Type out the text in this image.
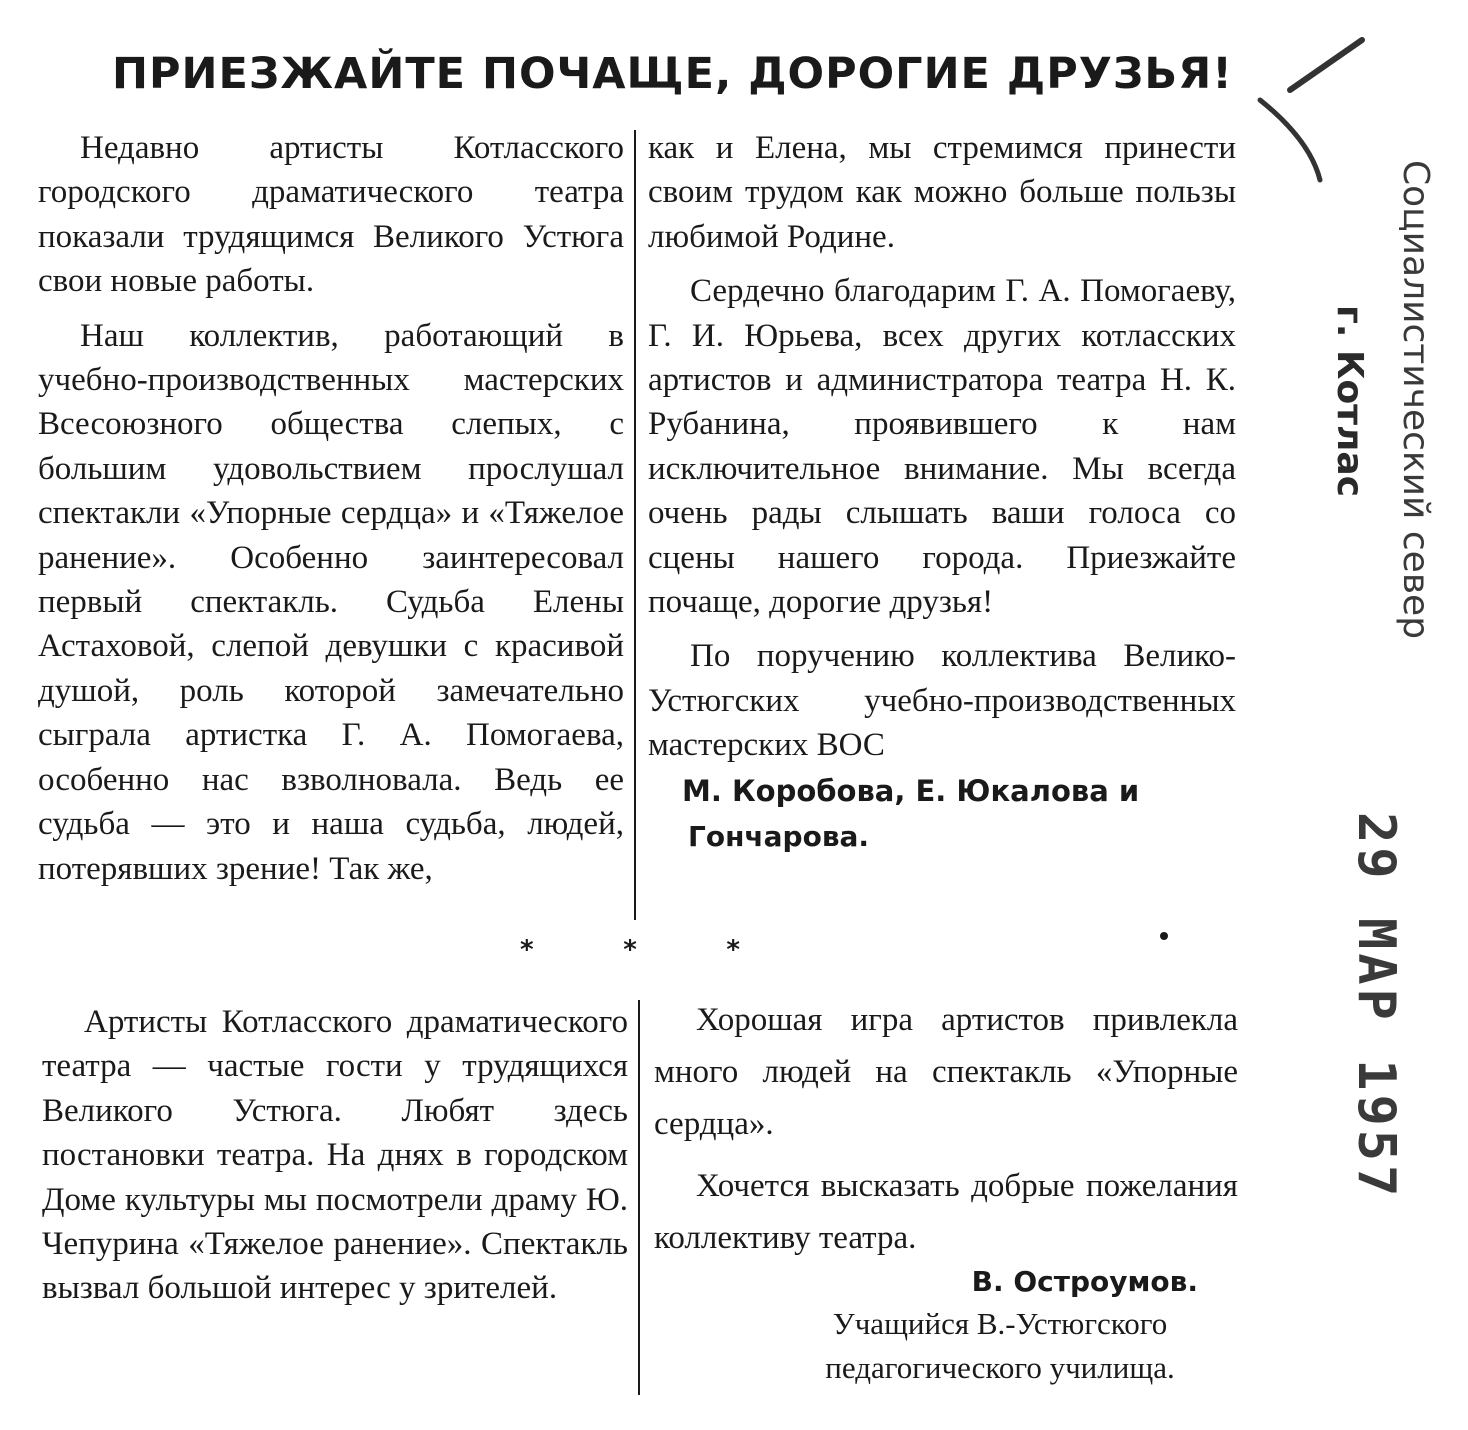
ПРИЕЗЖАЙТЕ ПОЧАЩЕ, ДОРОГИЕ ДРУЗЬЯ!

Недавно артисты Котласского городского драматического театра показали трудящимся Великого Устюга свои новые работы.

Наш коллектив, работающий в учебно-производственных мастерских Всесоюзного общества слепых, с большим удовольствием прослушал спектакли «Упорные сердца» и «Тяжелое ранение». Особенно заинтересовал первый спектакль. Судьба Елены Астаховой, слепой девушки с красивой душой, роль которой замечательно сыграла артистка Г. А. Помогаева, особенно нас взволновала. Ведь ее судьба — это и наша судьба, людей, потерявших зрение! Так же,

как и Елена, мы стремимся принести своим трудом как можно больше пользы любимой Родине.

Сердечно благодарим Г. А. Помогаеву, Г. И. Юрьева, всех других котласских артистов и администратора театра Н. К. Рубанина, проявившего к нам исключительное внимание. Мы всегда очень рады слышать ваши голоса со сцены нашего города. Приезжайте почаще, дорогие друзья!

По поручению коллектива Велико-Устюгских учебно-производственных мастерских ВОС

М. Коробова, Е. Юкалова и
Гончарова.
*	*	*

Артисты Котласского драматического театра — частые гости у трудящихся Великого Устюга. Любят здесь постановки театра. На днях в городском Доме культуры мы посмотрели драму Ю. Чепурина «Тяжелое ранение». Спектакль вызвал большой интерес у зрителей.

Хорошая игра артистов привлекла много людей на спектакль «Упорные сердца».

Хочется высказать добрые пожелания коллективу театра.

В. Остроумов.
Учащийся В.-Устюгского педагогического училища.
Социалистический север
г. Котлас
29 МАР 1957
